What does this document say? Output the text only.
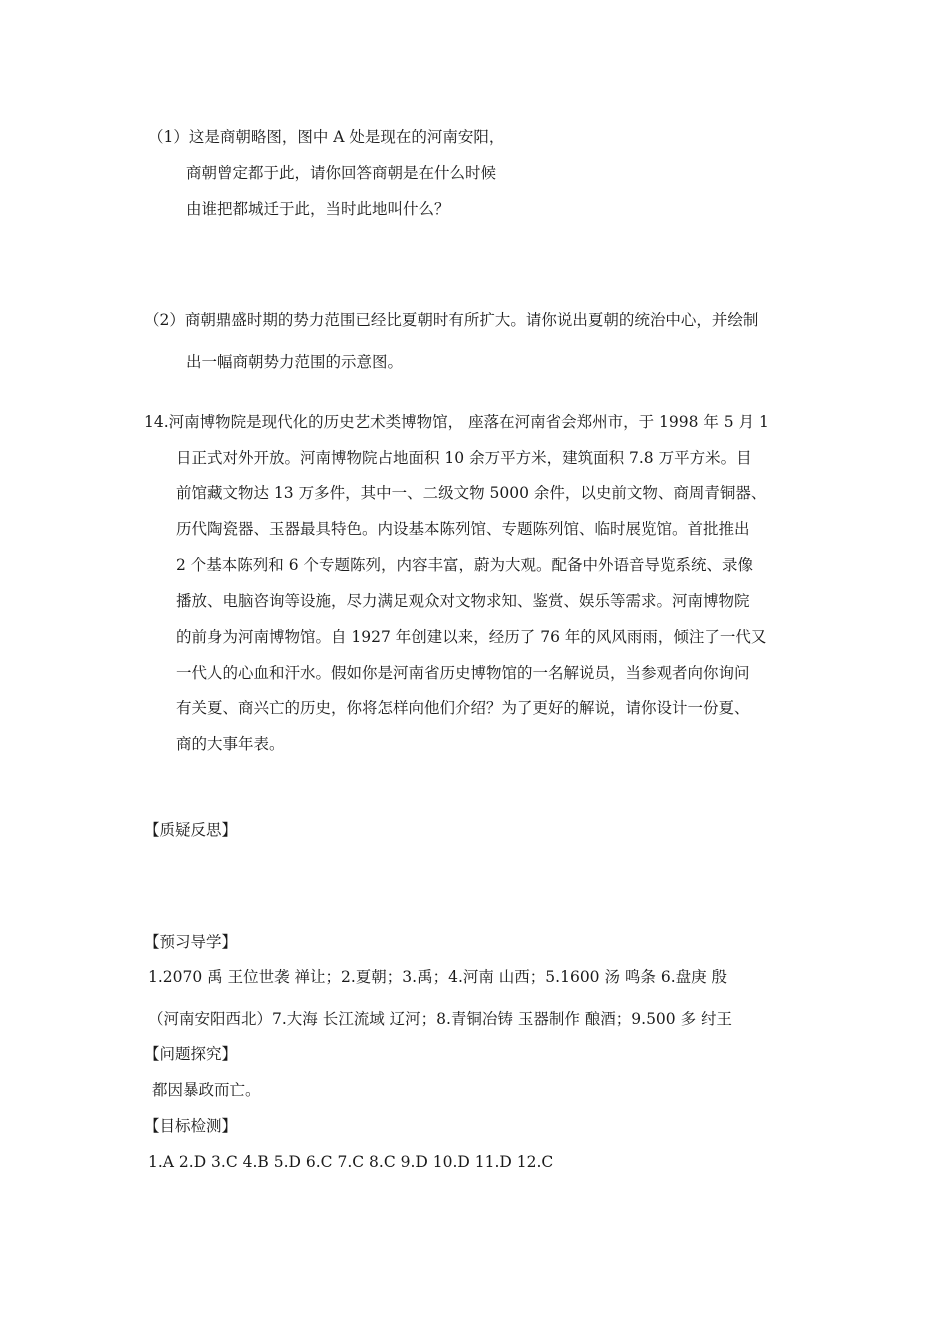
（1）这是商朝略图，图中 A 处是现在的河南安阳，
商朝曾定都于此，请你回答商朝是在什么时候
由谁把都城迁于此，当时此地叫什么？
（2）商朝鼎盛时期的势力范围已经比夏朝时有所扩大。请你说出夏朝的统治中心，并绘制
出一幅商朝势力范围的示意图。
14.河南博物院是现代化的历史艺术类博物馆， 座落在河南省会郑州市，于 1998 年 5 月 1
日正式对外开放。河南博物院占地面积 10 余万平方米，建筑面积 7.8 万平方米。目
前馆藏文物达 13 万多件，其中一、二级文物 5000 余件，以史前文物、商周青铜器、
历代陶瓷器、玉器最具特色。内设基本陈列馆、专题陈列馆、临时展览馆。首批推出
2 个基本陈列和 6 个专题陈列，内容丰富，蔚为大观。配备中外语音导览系统、录像
播放、电脑咨询等设施，尽力满足观众对文物求知、鉴赏、娱乐等需求。河南博物院
的前身为河南博物馆。自 1927 年创建以来，经历了 76 年的风风雨雨，倾注了一代又
一代人的心血和汗水。假如你是河南省历史博物馆的一名解说员，当参观者向你询问
有关夏、商兴亡的历史，你将怎样向他们介绍？为了更好的解说，请你设计一份夏、
商的大事年表。
【质疑反思】
【预习导学】
1.2070 禹 王位世袭 禅让；2.夏朝；3.禹；4.河南 山西；5.1600 汤 鸣条 6.盘庚 殷
（河南安阳西北）7.大海 长江流域 辽河；8.青铜冶铸 玉器制作 酿酒；9.500 多 纣王
【问题探究】
都因暴政而亡。
【目标检测】
1.A 2.D 3.C 4.B 5.D 6.C 7.C 8.C 9.D 10.D 11.D 12.C
